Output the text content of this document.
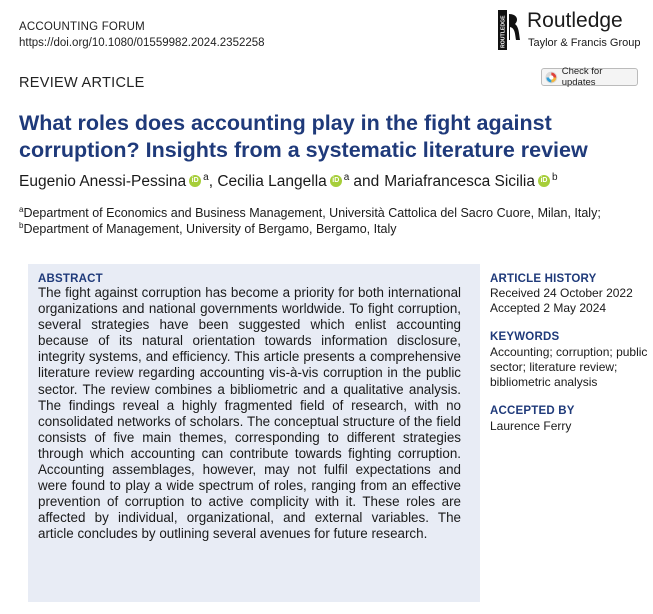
ACCOUNTING FORUM
https://doi.org/10.1080/01559982.2024.2352258	ROUTLEDGE Routledge
Taylor & Francis Group
REVIEW ARTICLE
Check for updates
What roles does accounting play in the fight against corruption? Insights from a systematic literature review
Eugenio Anessi-Pessina iD $^a$, Cecilia Langella iD $^a$ and Mariafrancesca Sicilia iD $^b$
$^a$Department of Economics and Business Management, Università Cattolica del Sacro Cuore, Milan, Italy;
$^b$Department of Management, University of Bergamo, Bergamo, Italy
ABSTRACT
The fight against corruption has become a priority for both international organizations and national governments worldwide. To fight corruption, several strategies have been suggested which enlist accounting because of its natural orientation towards information disclosure, integrity systems, and efficiency. This article presents a comprehensive literature review regarding accounting vis-à-vis corruption in the public sector. The review combines a bibliometric and a qualitative analysis. The findings reveal a highly fragmented field of research, with no consolidated networks of scholars. The conceptual structure of the field consists of five main themes, corresponding to different strategies through which accounting can contribute towards fighting corruption. Accounting assemblages, however, may not fulfil expectations and were found to play a wide spectrum of roles, ranging from an effective prevention of corruption to active complicity with it. These roles are affected by individual, organizational, and external variables. The article concludes by outlining several avenues for future research.
ARTICLE HISTORY
Received 24 October 2022
Accepted 2 May 2024
KEYWORDS
Accounting; corruption; public sector; literature review; bibliometric analysis
ACCEPTED BY
Laurence Ferry
